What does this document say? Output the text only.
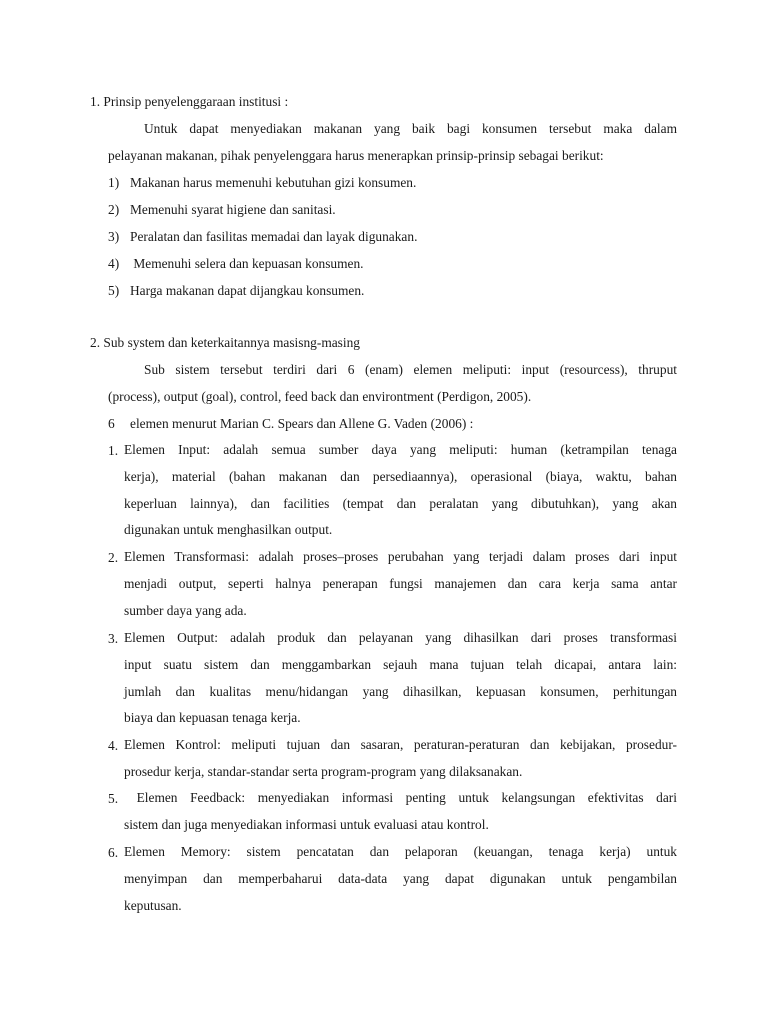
1. Prinsip penyelenggaraan institusi :
Untuk dapat menyediakan makanan yang baik bagi konsumen tersebut maka dalam
pelayanan makanan, pihak penyelenggara harus menerapkan prinsip-prinsip sebagai berikut:
1) Makanan harus memenuhi kebutuhan gizi konsumen.
2) Memenuhi syarat higiene dan sanitasi.
3) Peralatan dan fasilitas memadai dan layak digunakan.
4) Memenuhi selera dan kepuasan konsumen.
5) Harga makanan dapat dijangkau konsumen.
2. Sub system dan keterkaitannya masisng-masing
Sub sistem tersebut terdiri dari 6 (enam) elemen meliputi: input (resourcess), thruput
(process), output (goal), control, feed back dan environtment (Perdigon, 2005).
6 elemen menurut Marian C. Spears dan Allene G. Vaden (2006) :
1. Elemen Input: adalah semua sumber daya yang meliputi: human (ketrampilan tenaga
kerja), material (bahan makanan dan persediaannya), operasional (biaya, waktu, bahan
keperluan lainnya), dan facilities (tempat dan peralatan yang dibutuhkan), yang akan
digunakan untuk menghasilkan output.
2. Elemen Transformasi: adalah proses–proses perubahan yang terjadi dalam proses dari input
menjadi output, seperti halnya penerapan fungsi manajemen dan cara kerja sama antar
sumber daya yang ada.
3. Elemen Output: adalah produk dan pelayanan yang dihasilkan dari proses transformasi
input suatu sistem dan menggambarkan sejauh mana tujuan telah dicapai, antara lain:
jumlah dan kualitas menu/hidangan yang dihasilkan, kepuasan konsumen, perhitungan
biaya dan kepuasan tenaga kerja.
4. Elemen Kontrol: meliputi tujuan dan sasaran, peraturan-peraturan dan kebijakan, prosedur-
prosedur kerja, standar-standar serta program-program yang dilaksanakan.
5. Elemen Feedback: menyediakan informasi penting untuk kelangsungan efektivitas dari
sistem dan juga menyediakan informasi untuk evaluasi atau kontrol.
6. Elemen Memory: sistem pencatatan dan pelaporan (keuangan, tenaga kerja) untuk
menyimpan dan memperbaharui data-data yang dapat digunakan untuk pengambilan
keputusan.
